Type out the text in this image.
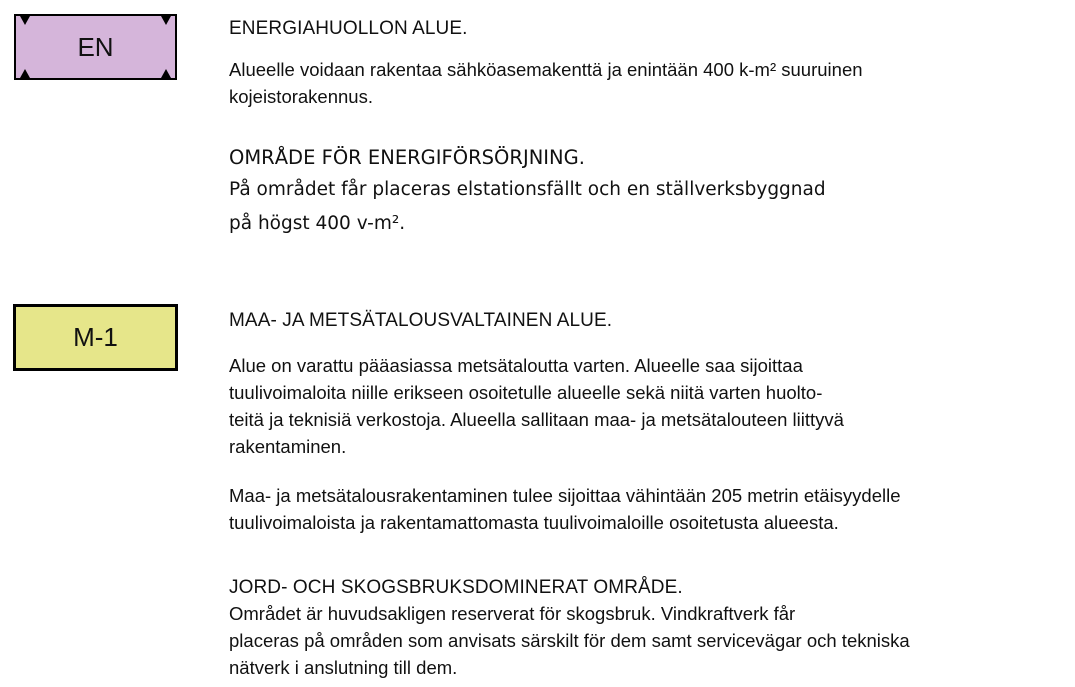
EN

ENERGIAHUOLLON ALUE.

Alueelle voidaan rakentaa sähköasemakenttä ja enintään 400 k-m² suuruinen
kojeistorakennus.

OMRÅDE FÖR ENERGIFÖRSÖRJNING.

På området får placeras elstationsfällt och en ställverksbyggnad
på högst 400 v-m².

M-1

MAA- JA METSÄTALOUSVALTAINEN ALUE.

Alue on varattu pääasiassa metsätaloutta varten. Alueelle saa sijoittaa
tuulivoimaloita niille erikseen osoitetulle alueelle sekä niitä varten huolto-
teitä ja teknisiä verkostoja. Alueella sallitaan maa- ja metsätalouteen liittyvä
rakentaminen.

Maa- ja metsätalousrakentaminen tulee sijoittaa vähintään 205 metrin etäisyydelle
tuulivoimaloista ja rakentamattomasta tuulivoimaloille osoitetusta alueesta.

JORD- OCH SKOGSBRUKSDOMINERAT OMRÅDE.

Området är huvudsakligen reserverat för skogsbruk. Vindkraftverk får
placeras på områden som anvisats särskilt för dem samt servicevägar och tekniska
nätverk i anslutning till dem.
